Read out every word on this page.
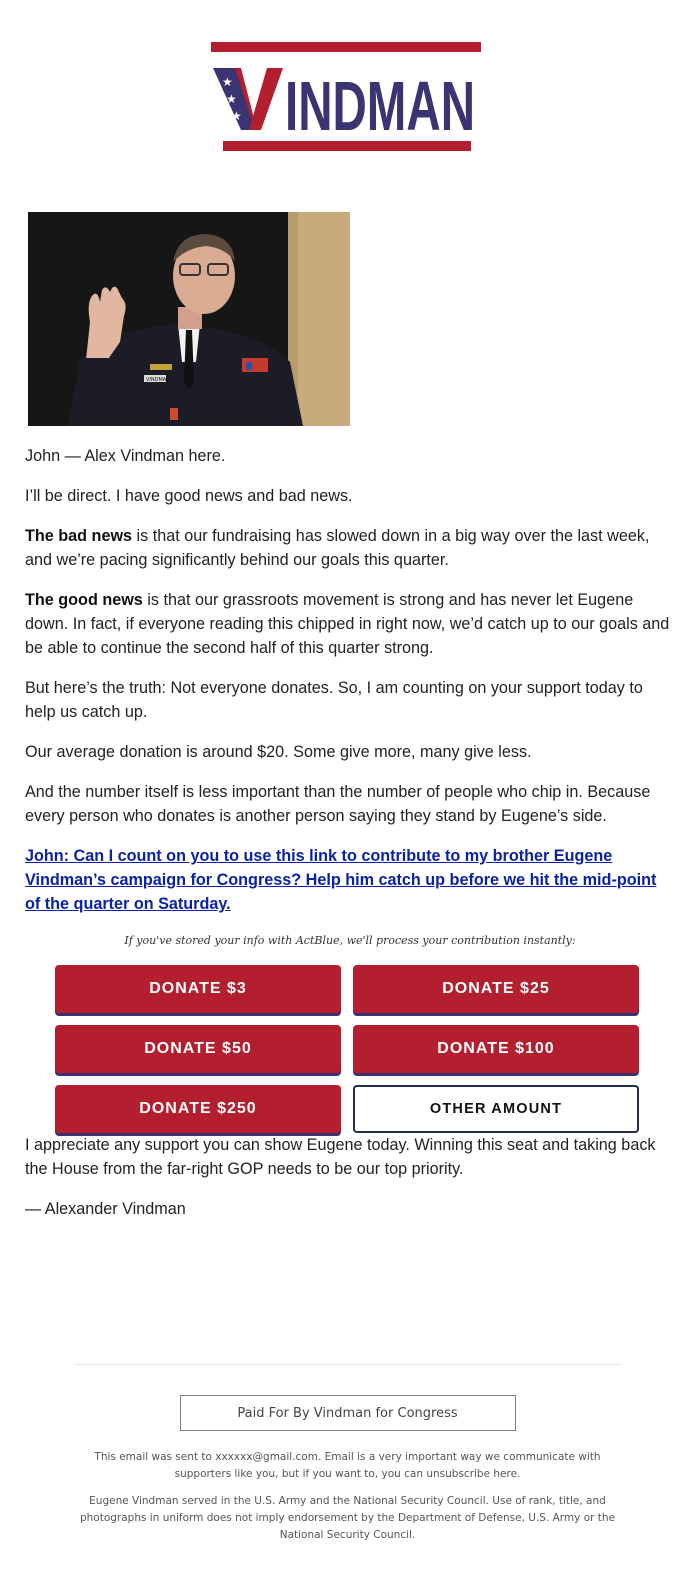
★
★
★ INDMAN
VINDMAN

John — Alex Vindman here.

I’ll be direct. I have good news and bad news.

The bad news is that our fundraising has slowed down in a big way over the last week, and we’re pacing significantly behind our goals this quarter.

The good news is that our grassroots movement is strong and has never let Eugene down. In fact, if everyone reading this chipped in right now, we’d catch up to our goals and be able to continue the second half of this quarter strong.

But here’s the truth: Not everyone donates. So, I am counting on your support today to help us catch up.

Our average donation is around $20. Some give more, many give less.

And the number itself is less important than the number of people who chip in. Because every person who donates is another person saying they stand by Eugene’s side.

John: Can I count on you to use this link to contribute to my brother Eugene Vindman’s campaign for Congress? Help him catch up before we hit the mid-point of the quarter on Saturday.
If you've stored your info with ActBlue, we'll process your contribution instantly:
DONATE $3	DONATE $25
DONATE $50	DONATE $100
DONATE $250	OTHER AMOUNT

I appreciate any support you can show Eugene today. Winning this seat and taking back the House from the far-right GOP needs to be our top priority.

— Alexander Vindman

Paid For By Vindman for Congress

This email was sent to xxxxxx@gmail.com. Email is a very important way we communicate with supporters like you, but if you want to, you can unsubscribe here.

Eugene Vindman served in the U.S. Army and the National Security Council. Use of rank, title, and photographs in uniform does not imply endorsement by the Department of Defense, U.S. Army or the National Security Council.
